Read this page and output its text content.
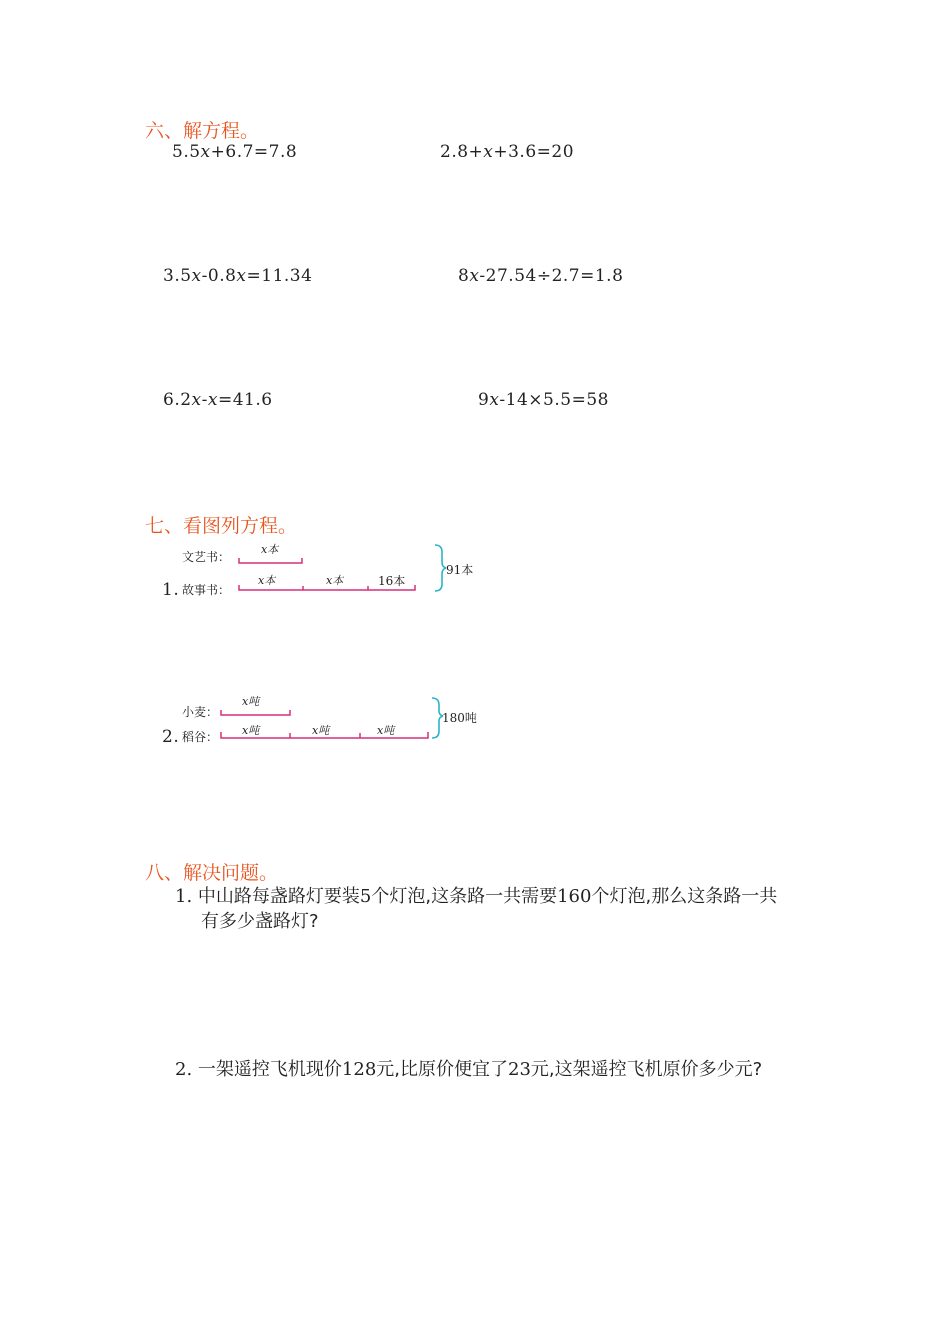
六、解方程。
5.5x+6.7=7.8	2.8+x+3.6=20
3.5x-0.8x=11.34	8x-27.54÷2.7=1.8
6.2x-x=41.6	9x-14×5.5=58
七、看图列方程。
文艺书：
1. 故事书：
x本
x本	x本	16本
91本
小麦：
2. 稻谷：
x吨
x吨	x吨	x吨
180吨
八、解决问题。
1. 中山路每盏路灯要装5个灯泡,这条路一共需要160个灯泡,那么这条路一共
有多少盏路灯?
2. 一架遥控飞机现价128元,比原价便宜了23元,这架遥控飞机原价多少元?
